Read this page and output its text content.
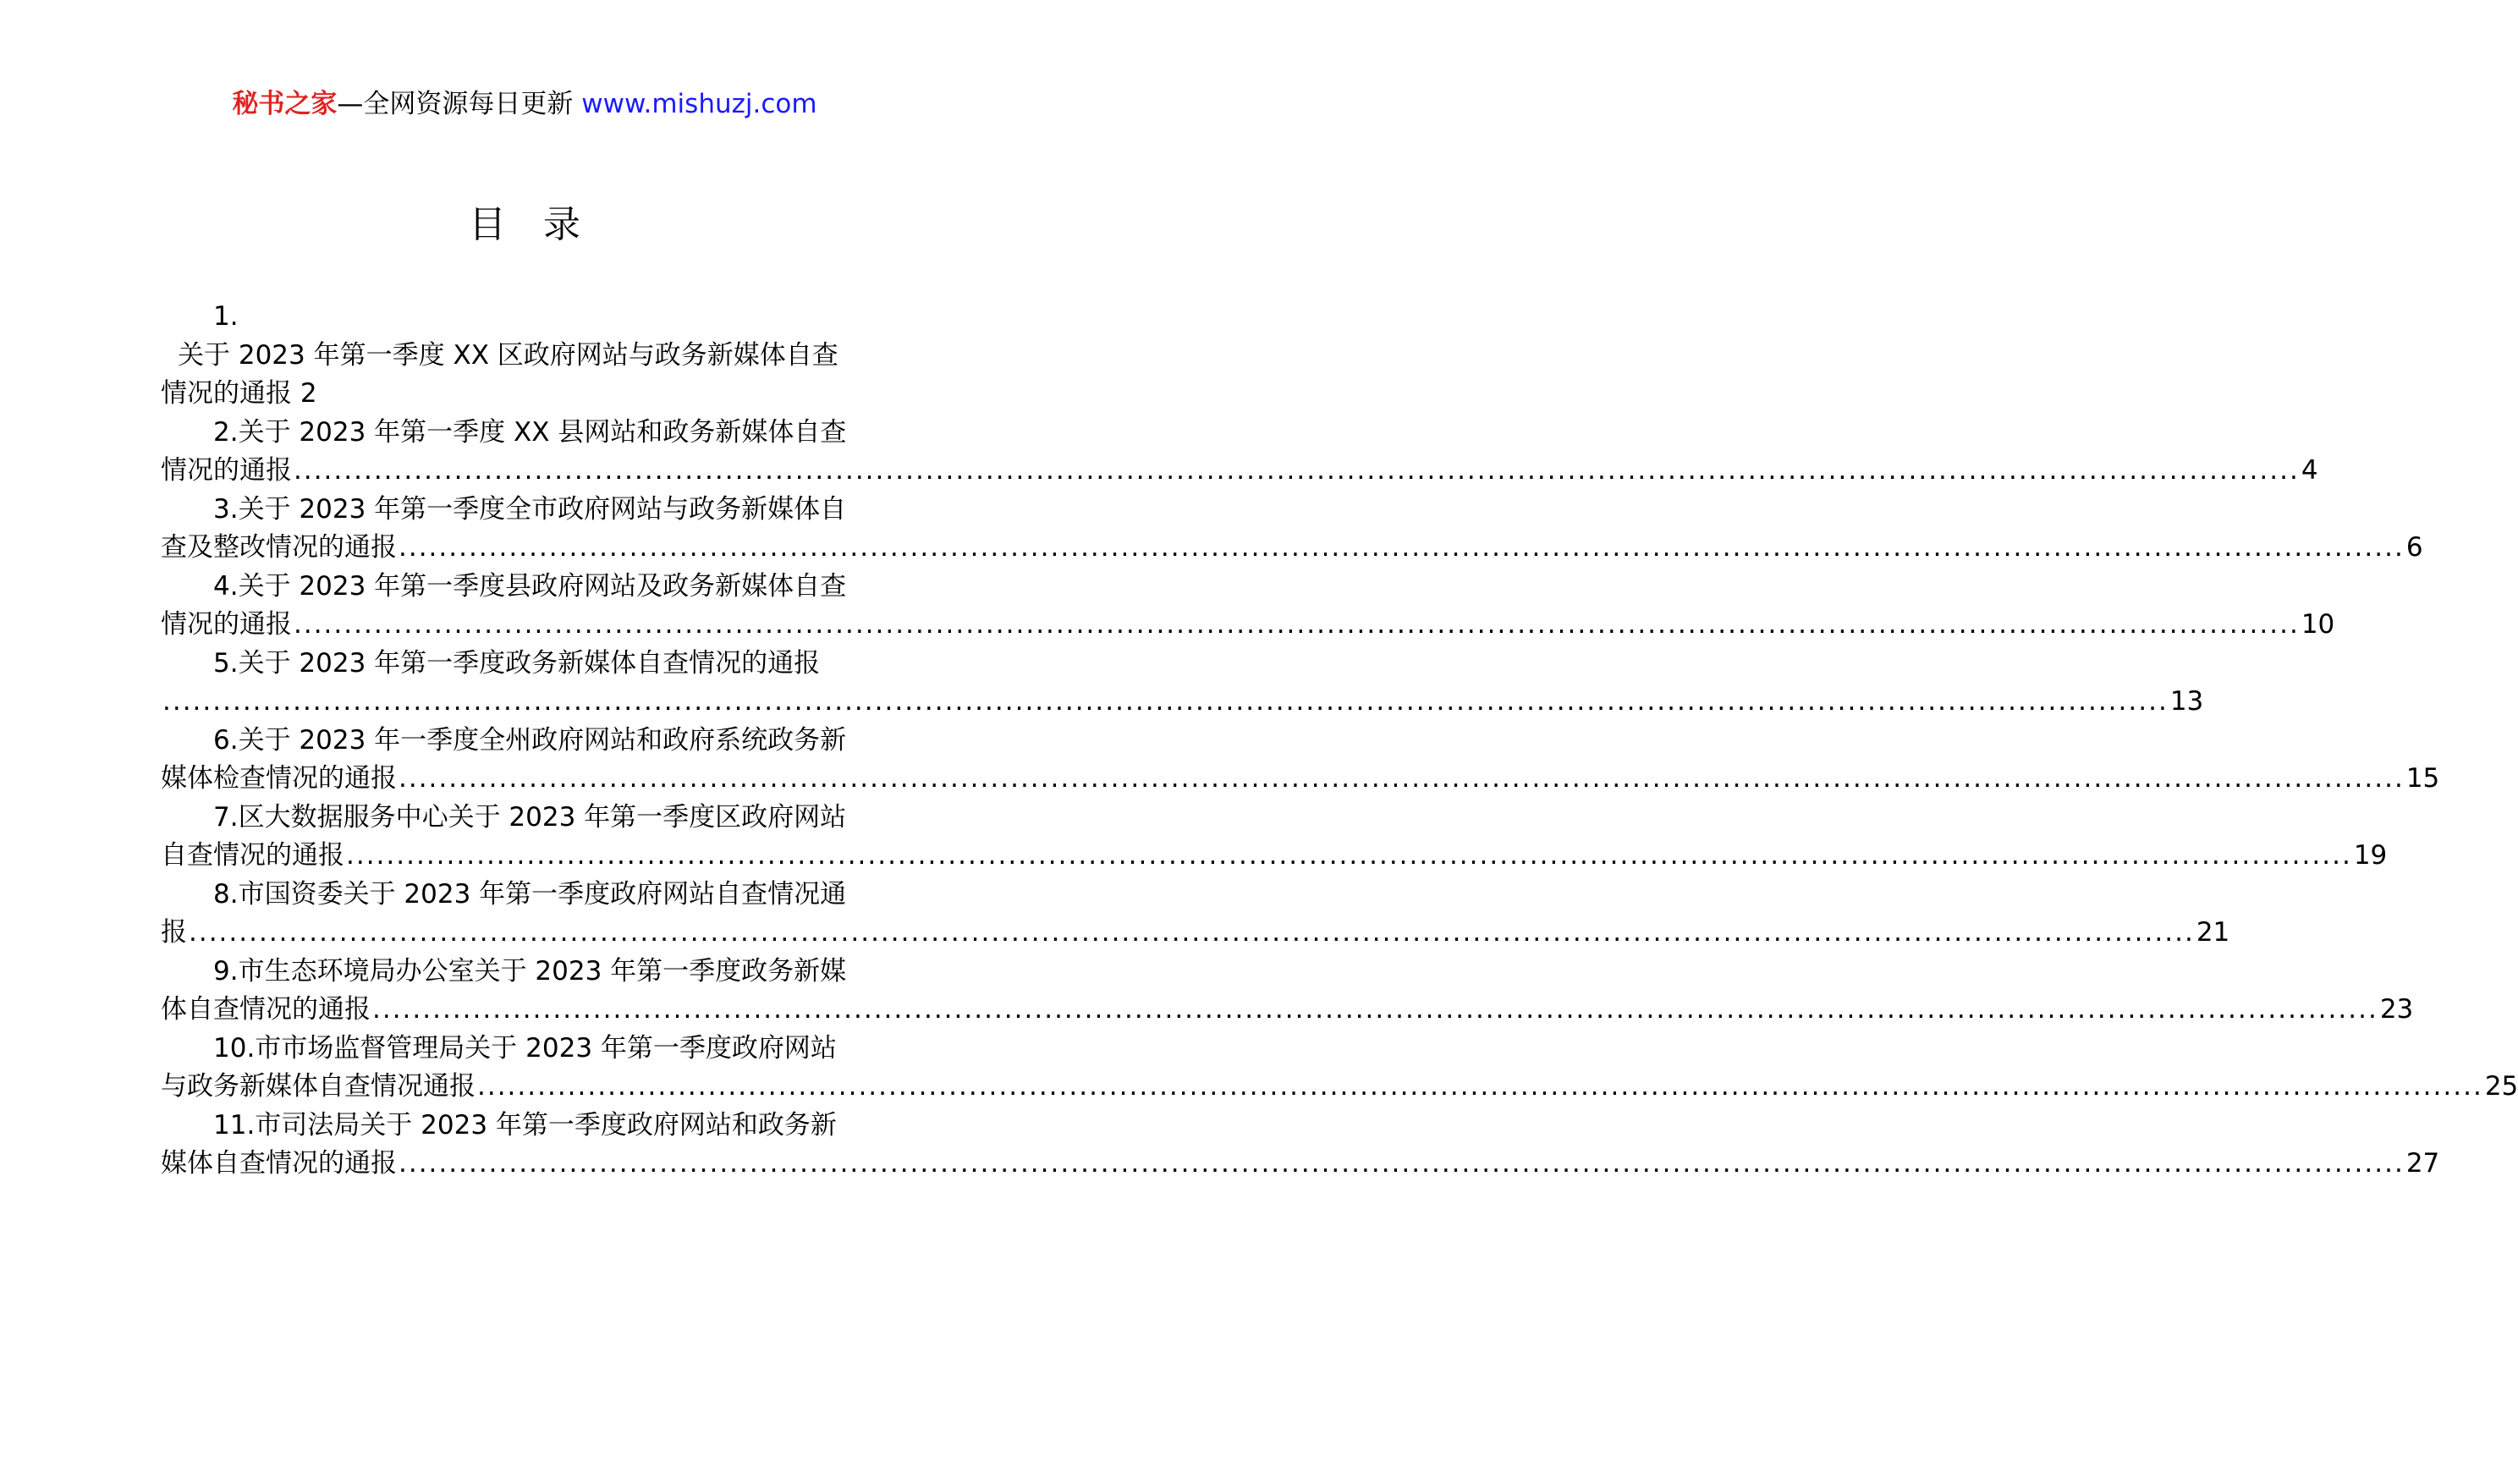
秘书之家—全网资源每日更新 www.mishuzj.com
目　录
1.
关于 2023 年第一季度 XX 区政府网站与政务新媒体自查
情况的通报 2
2.关于 2023 年第一季度 XX 县网站和政务新媒体自查
情况的通报 ........................................................................................................................................................................................................ 4
3.关于 2023 年第一季度全市政府网站与政务新媒体自
查及整改情况的通报 ........................................................................................................................................................................................................ 6
4.关于 2023 年第一季度县政府网站及政务新媒体自查
情况的通报 ........................................................................................................................................................................................................ 10
5.关于 2023 年第一季度政务新媒体自查情况的通报
........................................................................................................................................................................................................ 13
6.关于 2023 年一季度全州政府网站和政府系统政务新
媒体检查情况的通报 ........................................................................................................................................................................................................ 15
7.区大数据服务中心关于 2023 年第一季度区政府网站
自查情况的通报 ........................................................................................................................................................................................................ 19
8.市国资委关于 2023 年第一季度政府网站自查情况通
报 ........................................................................................................................................................................................................ 21
9.市生态环境局办公室关于 2023 年第一季度政务新媒
体自查情况的通报 ........................................................................................................................................................................................................ 23
10.市市场监督管理局关于 2023 年第一季度政府网站
与政务新媒体自查情况通报 ........................................................................................................................................................................................................ 25
11.市司法局关于 2023 年第一季度政府网站和政务新
媒体自查情况的通报 ........................................................................................................................................................................................................ 27
